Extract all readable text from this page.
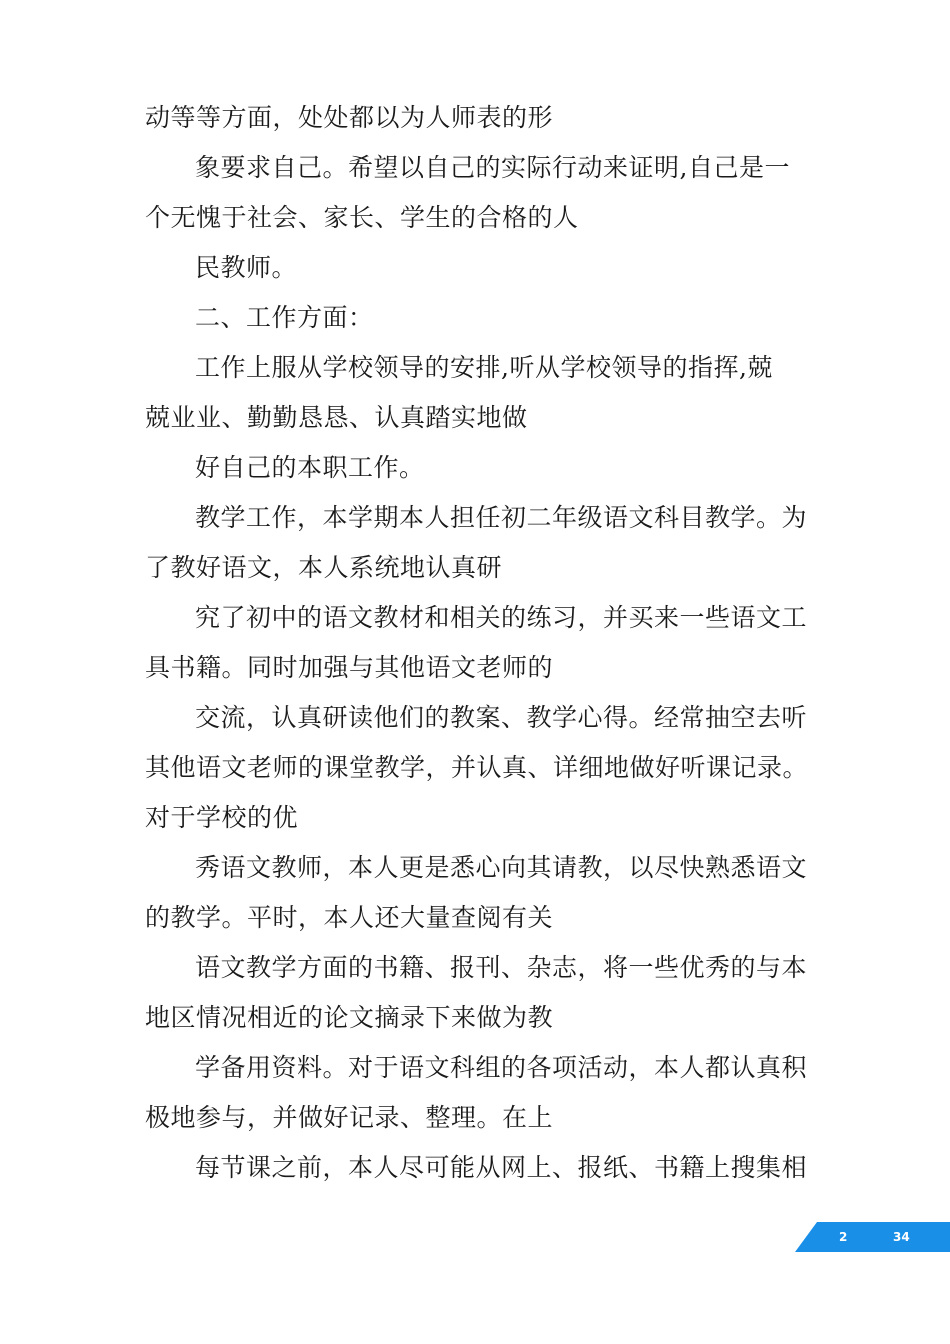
动等等方面，处处都以为人师表的形
象要求自己。希望以自己的实际行动来证明,自己是一
个无愧于社会、家长、学生的合格的人
民教师。
二、工作方面：
工作上服从学校领导的安排,听从学校领导的指挥,兢
兢业业、勤勤恳恳、认真踏实地做
好自己的本职工作。
教学工作，本学期本人担任初二年级语文科目教学。为
了教好语文，本人系统地认真研
究了初中的语文教材和相关的练习，并买来一些语文工
具书籍。同时加强与其他语文老师的
交流，认真研读他们的教案、教学心得。经常抽空去听
其他语文老师的课堂教学，并认真、详细地做好听课记录。
对于学校的优
秀语文教师，本人更是悉心向其请教，以尽快熟悉语文
的教学。平时，本人还大量查阅有关
语文教学方面的书籍、报刊、杂志，将一些优秀的与本
地区情况相近的论文摘录下来做为教
学备用资料。对于语文科组的各项活动，本人都认真积
极地参与，并做好记录、整理。在上
每节课之前，本人尽可能从网上、报纸、书籍上搜集相
2	34
